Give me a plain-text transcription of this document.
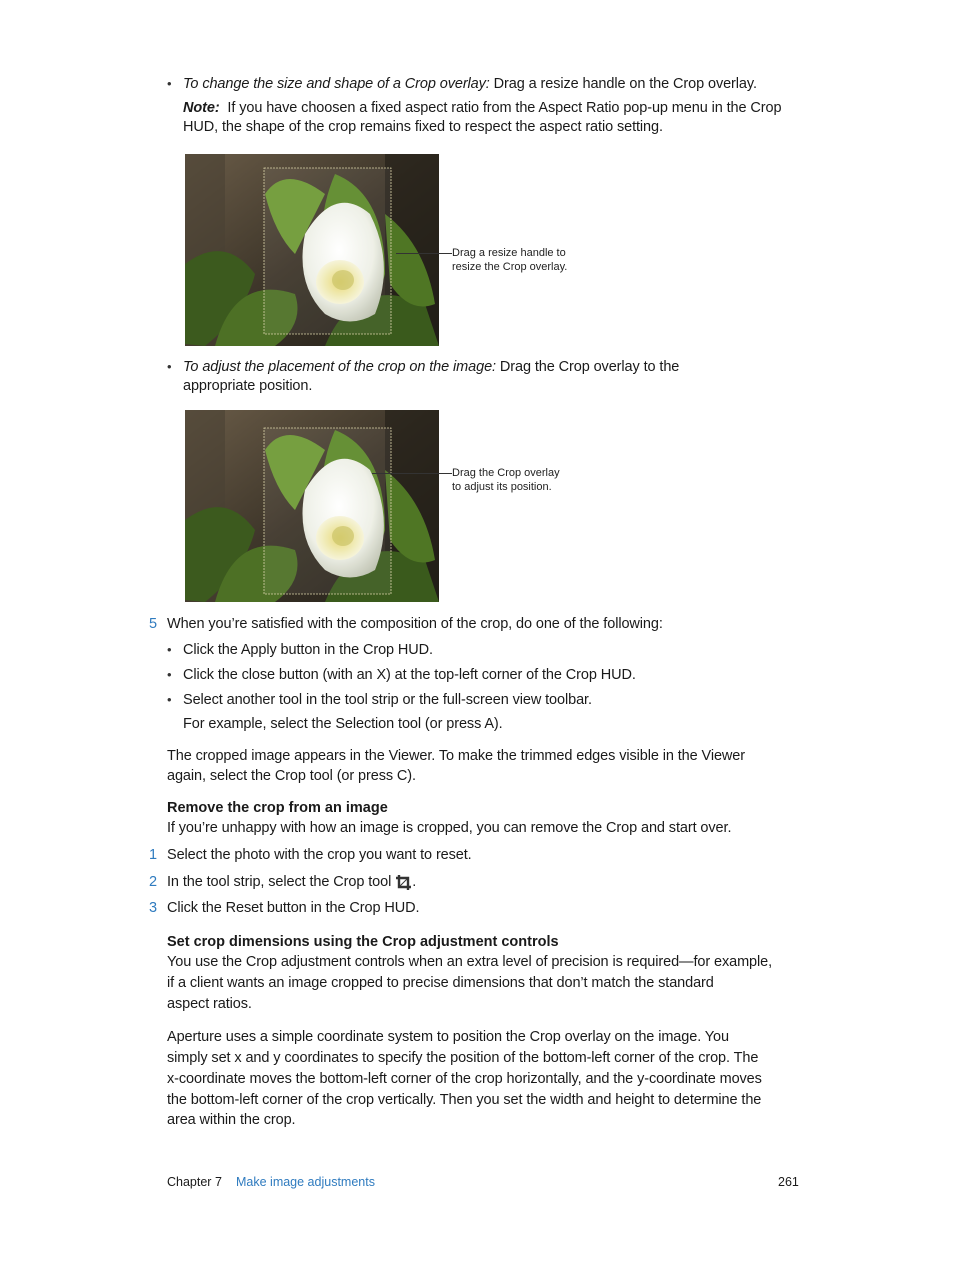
• To change the size and shape of a Crop overlay: Drag a resize handle on the Crop overlay.
Note: If you have choosen a fixed aspect ratio from the Aspect Ratio pop-up menu in the Crop
HUD, the shape of the crop remains fixed to respect the aspect ratio setting.
Drag a resize handle to
resize the Crop overlay.
• To adjust the placement of the crop on the image: Drag the Crop overlay to the
appropriate position.
Drag the Crop overlay
to adjust its position.
5 When you’re satisfied with the composition of the crop, do one of the following:
• Click the Apply button in the Crop HUD.
• Click the close button (with an X) at the top-left corner of the Crop HUD.
• Select another tool in the tool strip or the full-screen view toolbar.
For example, select the Selection tool (or press A).
The cropped image appears in the Viewer. To make the trimmed edges visible in the Viewer
again, select the Crop tool (or press C).
Remove the crop from an image
If you’re unhappy with how an image is cropped, you can remove the Crop and start over.
1 Select the photo with the crop you want to reset.
2 In the tool strip, select the Crop tool .
3 Click the Reset button in the Crop HUD.
Set crop dimensions using the Crop adjustment controls
You use the Crop adjustment controls when an extra level of precision is required—for example,
if a client wants an image cropped to precise dimensions that don’t match the standard
aspect ratios.
Aperture uses a simple coordinate system to position the Crop overlay on the image. You
simply set x and y coordinates to specify the position of the bottom-left corner of the crop. The
x-coordinate moves the bottom-left corner of the crop horizontally, and the y-coordinate moves
the bottom-left corner of the crop vertically. Then you set the width and height to determine the
area within the crop.
Chapter 7 Make image adjustments	261
